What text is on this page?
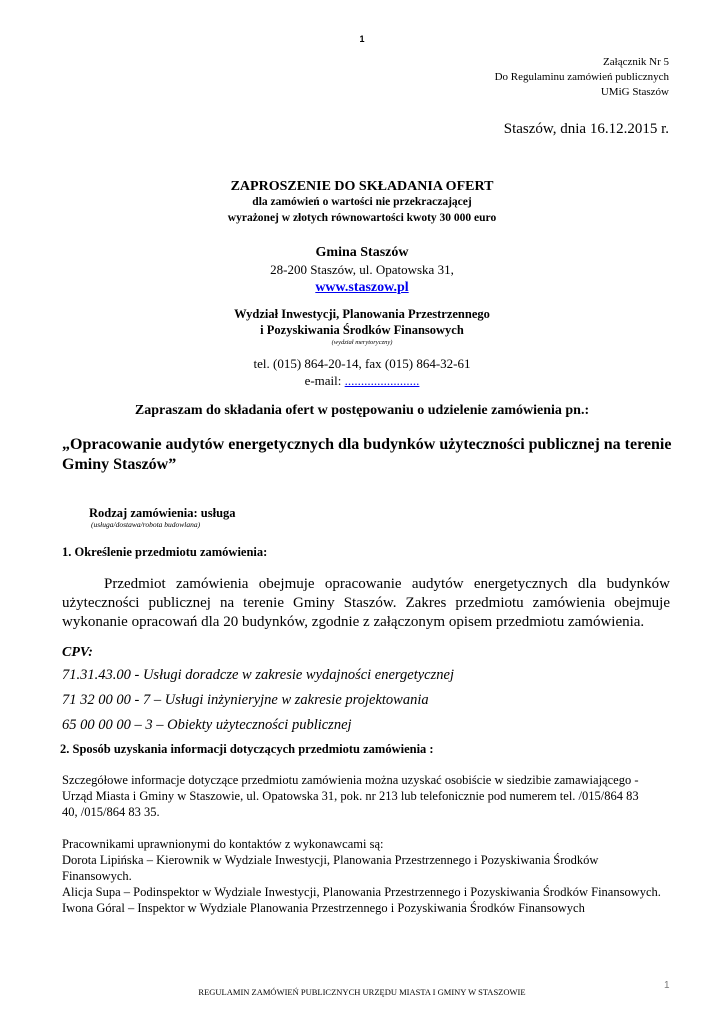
1
Załącznik Nr 5
Do Regulaminu zamówień publicznych
UMiG Staszów
Staszów, dnia 16.12.2015 r.
ZAPROSZENIE DO SKŁADANIA OFERT
dla zamówień o wartości nie przekraczającej
wyrażonej w złotych równowartości kwoty 30 000 euro
Gmina Staszów
28-200 Staszów, ul. Opatowska 31,
www.staszow.pl
Wydział Inwestycji, Planowania Przestrzennego
i Pozyskiwania Środków Finansowych
(wydział merytoryczny)
tel. (015) 864-20-14, fax (015) 864-32-61
e-mail: .......................
Zapraszam do składania ofert w postępowaniu o udzielenie zamówienia pn.:
„Opracowanie audytów energetycznych dla budynków użyteczności publicznej na terenie Gminy Staszów”
Rodzaj zamówienia: usługa
(usługa/dostawa/robota budowlana)
1. Określenie przedmiotu zamówienia:
Przedmiot zamówienia obejmuje opracowanie audytów energetycznych dla budynków użyteczności publicznej na terenie Gminy Staszów. Zakres przedmiotu zamówienia obejmuje wykonanie opracowań dla 20 budynków, zgodnie z załączonym opisem przedmiotu zamówienia.
CPV:
71.31.43.00 - Usługi doradcze w zakresie wydajności energetycznej
71 32 00 00 - 7 – Usługi inżynieryjne w zakresie projektowania
65 00 00 00 – 3 – Obiekty użyteczności publicznej
2. Sposób uzyskania informacji dotyczących przedmiotu zamówienia :
Szczegółowe informacje dotyczące przedmiotu zamówienia można uzyskać osobiście w siedzibie zamawiającego - Urząd Miasta i Gminy w Staszowie, ul. Opatowska 31, pok. nr 213 lub telefonicznie pod numerem tel. /015/864 83 40, /015/864 83 35.
Pracownikami uprawnionymi do kontaktów z wykonawcami są:
Dorota Lipińska – Kierownik w Wydziale Inwestycji, Planowania Przestrzennego i Pozyskiwania Środków Finansowych.
Alicja Supa – Podinspektor w Wydziale Inwestycji, Planowania Przestrzennego i Pozyskiwania Środków Finansowych.
Iwona Góral – Inspektor w Wydziale Planowania Przestrzennego i Pozyskiwania Środków Finansowych
1
REGULAMIN ZAMÓWIEŃ PUBLICZNYCH URZĘDU MIASTA I GMINY W STASZOWIE
